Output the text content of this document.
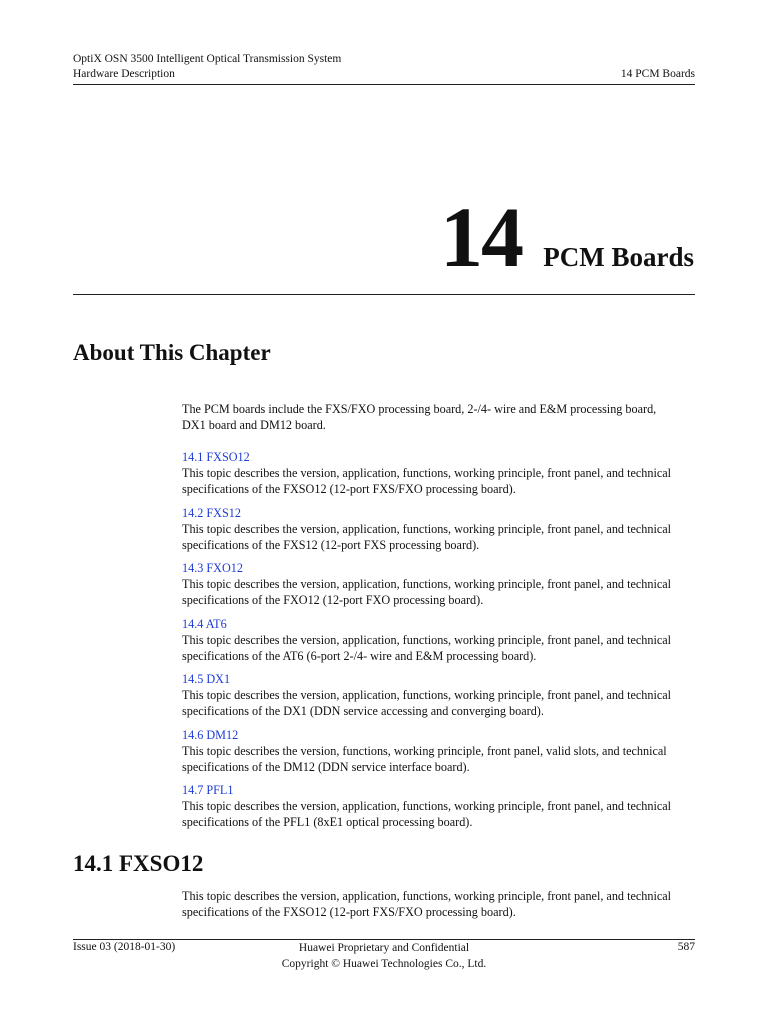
OptiX OSN 3500 Intelligent Optical Transmission System
Hardware Description	14 PCM Boards
14 PCM Boards
About This Chapter
The PCM boards include the FXS/FXO processing board, 2-/4- wire and E&M processing board, DX1 board and DM12 board.
14.1 FXSO12
This topic describes the version, application, functions, working principle, front panel, and technical specifications of the FXSO12 (12-port FXS/FXO processing board).
14.2 FXS12
This topic describes the version, application, functions, working principle, front panel, and technical specifications of the FXS12 (12-port FXS processing board).
14.3 FXO12
This topic describes the version, application, functions, working principle, front panel, and technical specifications of the FXO12 (12-port FXO processing board).
14.4 AT6
This topic describes the version, application, functions, working principle, front panel, and technical specifications of the AT6 (6-port 2-/4- wire and E&M processing board).
14.5 DX1
This topic describes the version, application, functions, working principle, front panel, and technical specifications of the DX1 (DDN service accessing and converging board).
14.6 DM12
This topic describes the version, functions, working principle, front panel, valid slots, and technical specifications of the DM12 (DDN service interface board).
14.7 PFL1
This topic describes the version, application, functions, working principle, front panel, and technical specifications of the PFL1 (8xE1 optical processing board).
14.1 FXSO12
This topic describes the version, application, functions, working principle, front panel, and technical specifications of the FXSO12 (12-port FXS/FXO processing board).
Issue 03 (2018-01-30)	Huawei Proprietary and Confidential
Copyright © Huawei Technologies Co., Ltd.
587
